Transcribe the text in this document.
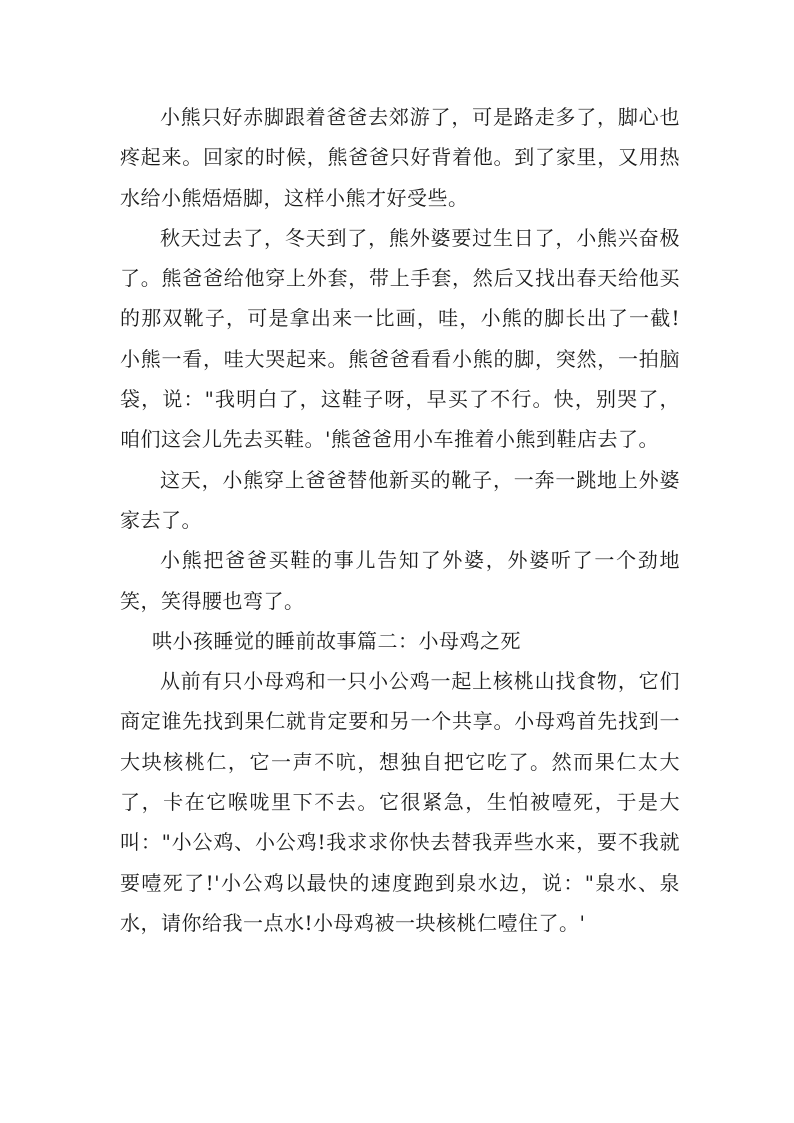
小熊只好赤脚跟着爸爸去郊游了，可是路走多了，脚心也疼起来。回家的时候，熊爸爸只好背着他。到了家里，又用热水给小熊焐焐脚，这样小熊才好受些。

秋天过去了，冬天到了，熊外婆要过生日了，小熊兴奋极了。熊爸爸给他穿上外套，带上手套，然后又找出春天给他买的那双靴子，可是拿出来一比画，哇，小熊的脚长出了一截!小熊一看，哇大哭起来。熊爸爸看看小熊的脚，突然，一拍脑袋，说："我明白了，这鞋子呀，早买了不行。快，别哭了，咱们这会儿先去买鞋。'熊爸爸用小车推着小熊到鞋店去了。

这天，小熊穿上爸爸替他新买的靴子，一奔一跳地上外婆家去了。

小熊把爸爸买鞋的事儿告知了外婆，外婆听了一个劲地笑，笑得腰也弯了。

哄小孩睡觉的睡前故事篇二：小母鸡之死

从前有只小母鸡和一只小公鸡一起上核桃山找食物，它们商定谁先找到果仁就肯定要和另一个共享。小母鸡首先找到一大块核桃仁，它一声不吭，想独自把它吃了。然而果仁太大了，卡在它喉咙里下不去。它很紧急，生怕被噎死，于是大叫："小公鸡、小公鸡!我求求你快去替我弄些水来，要不我就要噎死了!'小公鸡以最快的速度跑到泉水边，说："泉水、泉水，请你给我一点水!小母鸡被一块核桃仁噎住了。'
